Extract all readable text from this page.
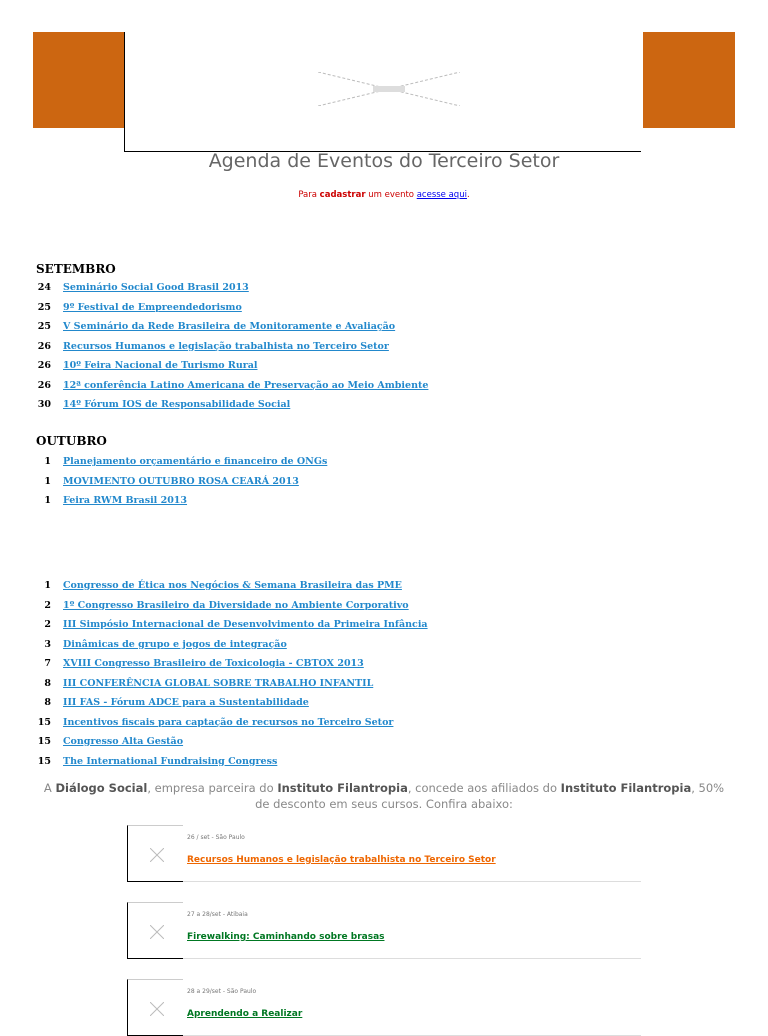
Agenda de Eventos do Terceiro Setor
Para cadastrar um evento acesse aqui.
SETEMBRO
24 Seminário Social Good Brasil 2013
25 9º Festival de Empreendedorismo
25 V Seminário da Rede Brasileira de Monitoramente e Avaliação
26 Recursos Humanos e legislação trabalhista no Terceiro Setor
26 10º Feira Nacional de Turismo Rural
26 12ª conferência Latino Americana de Preservação ao Meio Ambiente
30 14º Fórum IOS de Responsabilidade Social
OUTUBRO
1 Planejamento orçamentário e financeiro de ONGs
1 MOVIMENTO OUTUBRO ROSA CEARÁ 2013
1 Feira RWM Brasil 2013
1 Congresso de Ética nos Negócios & Semana Brasileira das PME
2 1º Congresso Brasileiro da Diversidade no Ambiente Corporativo
2 III Simpósio Internacional de Desenvolvimento da Primeira Infância
3 Dinâmicas de grupo e jogos de integração
7 XVIII Congresso Brasileiro de Toxicologia - CBTOX 2013
8 III CONFERÊNCIA GLOBAL SOBRE TRABALHO INFANTIL
8 III FAS - Fórum ADCE para a Sustentabilidade
15 Incentivos fiscais para captação de recursos no Terceiro Setor
15 Congresso Alta Gestão
15 The International Fundraising Congress
A Diálogo Social, empresa parceira do Instituto Filantropia, concede aos afiliados do Instituto Filantropia, 50% de desconto em seus cursos. Confira abaixo:
26 / set - São Paulo
Recursos Humanos e legislação trabalhista no Terceiro Setor
27 a 28/set - Atibaia
Firewalking: Caminhando sobre brasas
28 a 29/set - São Paulo
Aprendendo a Realizar
